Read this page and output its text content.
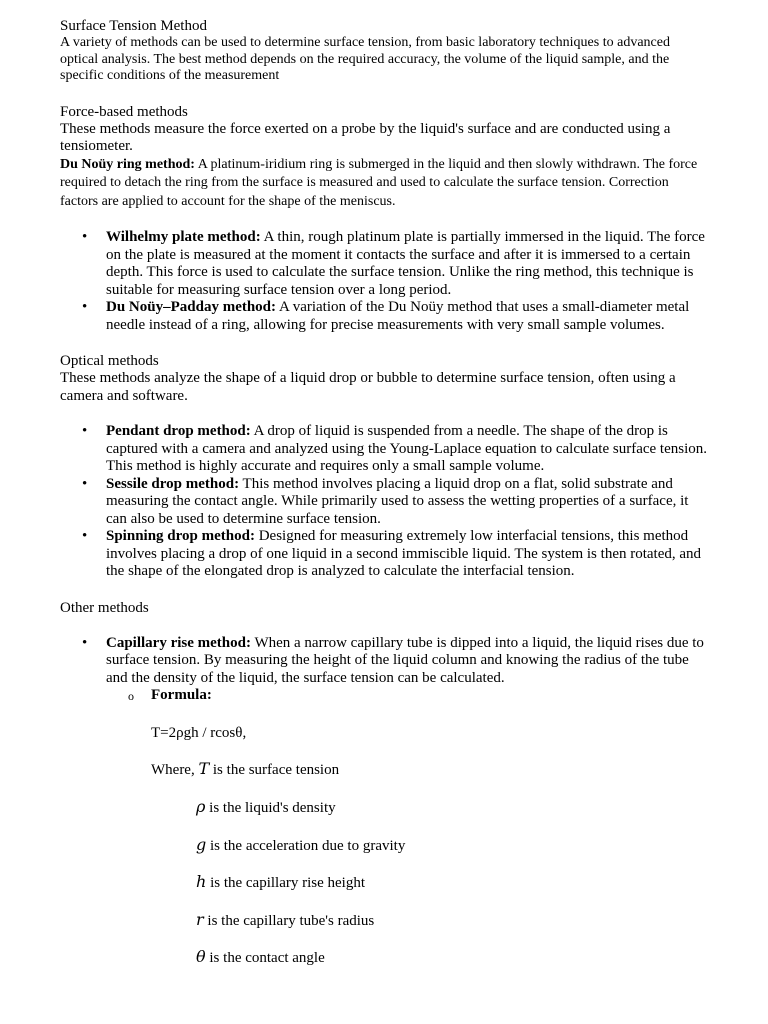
Surface Tension Method

A variety of methods can be used to determine surface tension, from basic laboratory techniques to advanced optical analysis. The best method depends on the required accuracy, the volume of the liquid sample, and the specific conditions of the measurement

Force-based methods

These methods measure the force exerted on a probe by the liquid's surface and are conducted using a tensiometer.

Du Noüy ring method: A platinum-iridium ring is submerged in the liquid and then slowly withdrawn. The force required to detach the ring from the surface is measured and used to calculate the surface tension. Correction factors are applied to account for the shape of the meniscus.

• Wilhelmy plate method: A thin, rough platinum plate is partially immersed in the liquid. The force on the plate is measured at the moment it contacts the surface and after it is immersed to a certain depth. This force is used to calculate the surface tension. Unlike the ring method, this technique is suitable for measuring surface tension over a long period.
• Du Noüy–Padday method: A variation of the Du Noüy method that uses a small-diameter metal needle instead of a ring, allowing for precise measurements with very small sample volumes.

Optical methods

These methods analyze the shape of a liquid drop or bubble to determine surface tension, often using a camera and software.

• Pendant drop method: A drop of liquid is suspended from a needle. The shape of the drop is captured with a camera and analyzed using the Young-Laplace equation to calculate surface tension. This method is highly accurate and requires only a small sample volume.
• Sessile drop method: This method involves placing a liquid drop on a flat, solid substrate and measuring the contact angle. While primarily used to assess the wetting properties of a surface, it can also be used to determine surface tension.
• Spinning drop method: Designed for measuring extremely low interfacial tensions, this method involves placing a drop of one liquid in a second immiscible liquid. The system is then rotated, and the shape of the elongated drop is analyzed to calculate the interfacial tension.

Other methods

• Capillary rise method: When a narrow capillary tube is dipped into a liquid, the liquid rises due to surface tension. By measuring the height of the liquid column and knowing the radius of the tube and the density of the liquid, the surface tension can be calculated.
o Formula:
T=2ρgh / rcosθ,
Where, T is the surface tension
ρ is the liquid's density
g is the acceleration due to gravity
h is the capillary rise height
r is the capillary tube's radius
θ is the contact angle
